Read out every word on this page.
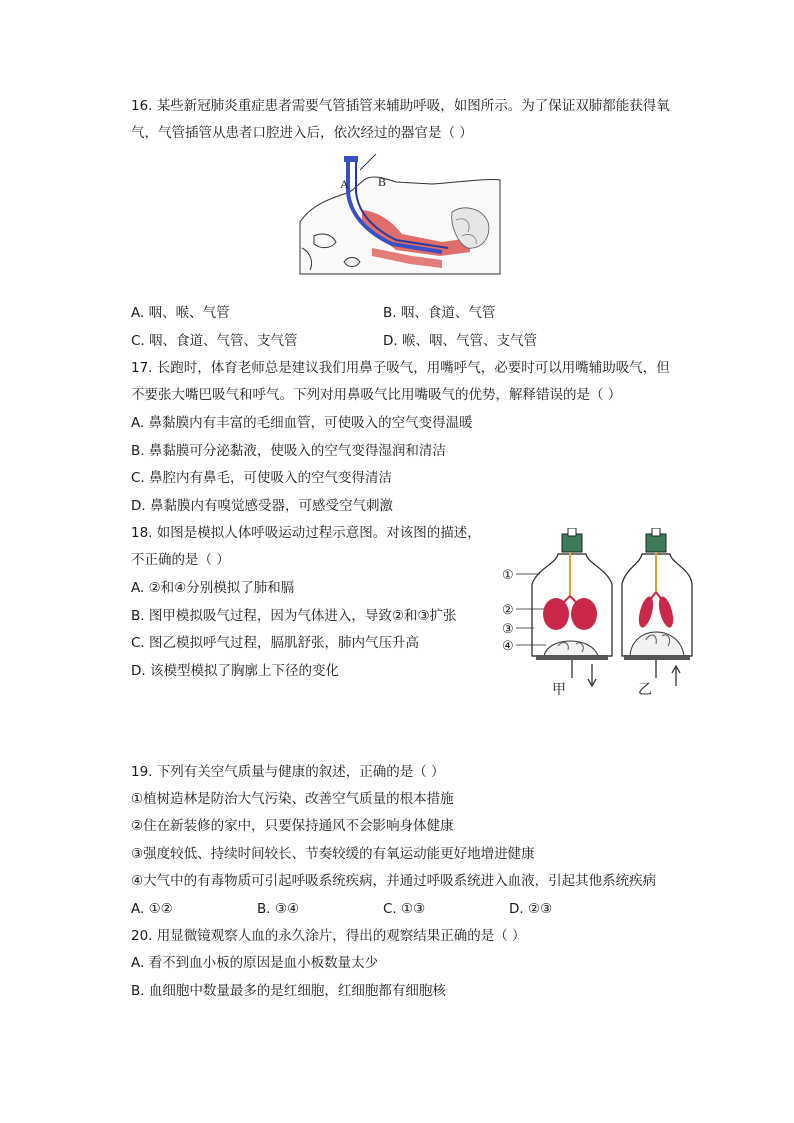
16. 某些新冠肺炎重症患者需要气管插管来辅助呼吸，如图所示。为了保证双肺都能获得氧
气，气管插管从患者口腔进入后，依次经过的器官是（ ）
A B
A. 咽、喉、气管	B. 咽、食道、气管
C. 咽、食道、气管、支气管	D. 喉、咽、气管、支气管
17. 长跑时，体育老师总是建议我们用鼻子吸气，用嘴呼气，必要时可以用嘴辅助吸气，但
不要张大嘴巴吸气和呼气。下列对用鼻吸气比用嘴吸气的优势，解释错误的是（ ）
A. 鼻黏膜内有丰富的毛细血管，可使吸入的空气变得温暖
B. 鼻黏膜可分泌黏液，使吸入的空气变得湿润和清洁
C. 鼻腔内有鼻毛，可使吸入的空气变得清洁
D. 鼻黏膜内有嗅觉感受器，可感受空气刺激
18. 如图是模拟人体呼吸运动过程示意图。对该图的描述，
不正确的是（ ）
A. ②和④分别模拟了肺和膈
B. 图甲模拟吸气过程，因为气体进入，导致②和③扩张
C. 图乙模拟呼气过程，膈肌舒张，肺内气压升高
D. 该模型模拟了胸廓上下径的变化
①
②
③
④
甲	乙
19. 下列有关空气质量与健康的叙述，正确的是（ ）
①植树造林是防治大气污染、改善空气质量的根本措施
②住在新装修的家中，只要保持通风不会影响身体健康
③强度较低、持续时间较长、节奏较缓的有氧运动能更好地增进健康
④大气中的有毒物质可引起呼吸系统疾病，并通过呼吸系统进入血液，引起其他系统疾病
A. ①②	B. ③④	C. ①③	D. ②③
20. 用显微镜观察人血的永久涂片，得出的观察结果正确的是（ ）
A. 看不到血小板的原因是血小板数量太少
B. 血细胞中数量最多的是红细胞，红细胞都有细胞核
